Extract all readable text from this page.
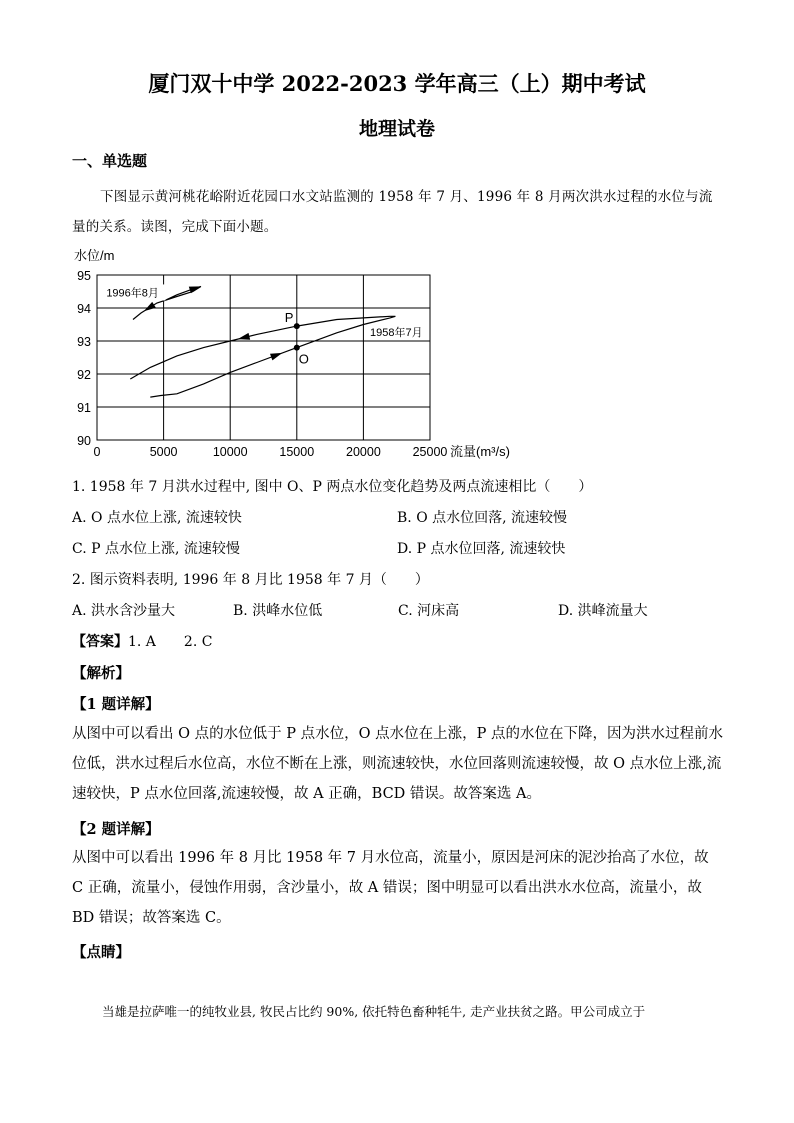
厦门双十中学 2022-2023 学年高三（上）期中考试
地理试卷
一、单选题
下图显示黄河桃花峪附近花园口水文站监测的 1958 年 7 月、1996 年 8 月两次洪水过程的水位与流量的关系。读图，完成下面小题。
水位/m
0	5000	10000	15000	20000	25000
90
91
92
93
94
95
流量(m³/s)
1958年7月
1996年8月
P
O
1. 1958 年 7 月洪水过程中, 图中 O、P 两点水位变化趋势及两点流速相比（　　）
A. O 点水位上涨, 流速较快	B. O 点水位回落, 流速较慢
C. P 点水位上涨, 流速较慢	D. P 点水位回落, 流速较快
2. 图示资料表明, 1996 年 8 月比 1958 年 7 月（　　）
A. 洪水含沙量大	B. 洪峰水位低	C. 河床高	D. 洪峰流量大
【答案】1. A　　2. C
【解析】
【1 题详解】
从图中可以看出 O 点的水位低于 P 点水位，O 点水位在上涨，P 点的水位在下降，因为洪水过程前水位低，洪水过程后水位高，水位不断在上涨，则流速较快，水位回落则流速较慢，故 O 点水位上涨,流速较快，P 点水位回落,流速较慢，故 A 正确，BCD 错误。故答案选 A。
【2 题详解】
从图中可以看出 1996 年 8 月比 1958 年 7 月水位高，流量小，原因是河床的泥沙抬高了水位，故 C 正确，流量小，侵蚀作用弱，含沙量小，故 A 错误；图中明显可以看出洪水水位高，流量小，故 BD 错误；故答案选 C。
【点睛】
当雄是拉萨唯一的纯牧业县, 牧民占比约 90%, 依托特色畜种牦牛, 走产业扶贫之路。甲公司成立于
